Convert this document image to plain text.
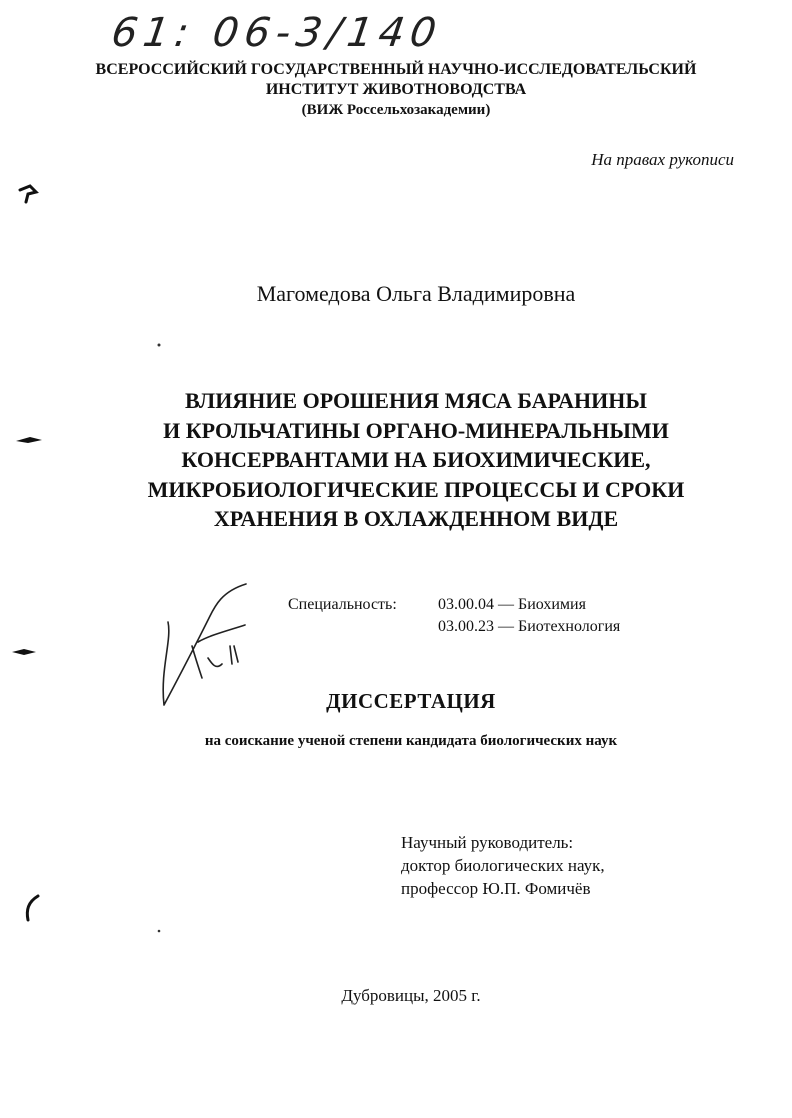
61: 06-3/140
ВСЕРОССИЙСКИЙ ГОСУДАРСТВЕННЫЙ НАУЧНО-ИССЛЕДОВАТЕЛЬСКИЙ
ИНСТИТУТ ЖИВОТНОВОДСТВА
(ВИЖ Россельхозакадемии)
На правах рукописи
Магомедова Ольга Владимировна
ВЛИЯНИЕ ОРОШЕНИЯ МЯСА БАРАНИНЫ
И КРОЛЬЧАТИНЫ ОРГАНО-МИНЕРАЛЬНЫМИ
КОНСЕРВАНТАМИ НА БИОХИМИЧЕСКИЕ,
МИКРОБИОЛОГИЧЕСКИЕ ПРОЦЕССЫ И СРОКИ
ХРАНЕНИЯ В ОХЛАЖДЕННОМ ВИДЕ
Специальность:	03.00.04 — Биохимия
03.00.23 — Биотехнология
ДИССЕРТАЦИЯ
на соискание ученой степени кандидата биологических наук
Научный руководитель:
доктор биологических наук,
профессор Ю.П. Фомичёв
Дубровицы, 2005 г.
